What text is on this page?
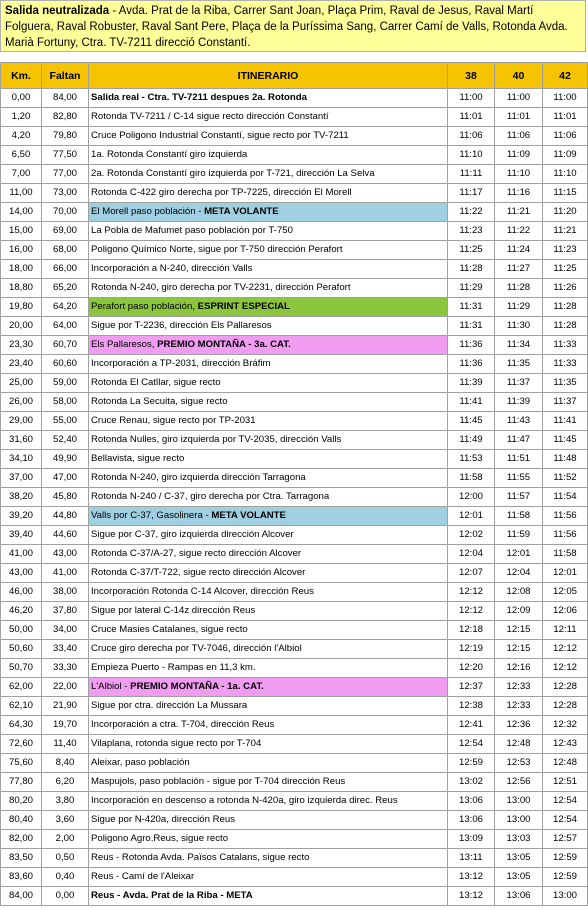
Salida neutralizada - Avda. Prat de la Riba, Carrer Sant Joan, Plaça Prim, Raval de Jesus, Raval Martí Folguera, Raval Robuster, Raval Sant Pere, Plaça de la Puríssima Sang, Carrer Camí de Valls, Rotonda Avda. Marià Fortuny, Ctra. TV-7211 direcció Constantí.
Km.	Faltan	ITINERARIO	38	40	42
0,00	84,00	Salida real - Ctra. TV-7211 despues 2a. Rotonda	11:00	11:00	11:00
1,20	82,80	Rotonda TV-7211 / C-14 sigue recto dirección Constantí	11:01	11:01	11:01
4,20	79,80	Cruce Poligono Industrial Constantí, sigue recto por TV-7211	11:06	11:06	11:06
6,50	77,50	1a. Rotonda Constantí giro izquierda	11:10	11:09	11:09
7,00	77,00	2a. Rotonda Constantí giro izquierda por T-721, dirección La Selva	11:11	11:10	11:10
11,00	73,00	Rotonda C-422 giro derecha por TP-7225, dirección El Morell	11:17	11:16	11:15
14,00	70,00	El Morell paso población - META VOLANTE	11:22	11:21	11:20
15,00	69,00	La Pobla de Mafumet paso población por T-750	11:23	11:22	11:21
16,00	68,00	Poligono Químico Norte, sigue por T-750 dirección Perafort	11:25	11:24	11:23
18,00	66,00	Incorporación a N-240, dirección Valls	11:28	11:27	11:25
18,80	65,20	Rotonda N-240, giro derecha por TV-2231, dirección Perafort	11:29	11:28	11:26
19,80	64,20	Perafort paso población, ESPRINT ESPECIAL	11:31	11:29	11:28
20,00	64,00	Sigue por T-2236, dirección Els Pallaresos	11:31	11:30	11:28
23,30	60,70	Els Pallaresos, PREMIO MONTAÑA - 3a. CAT.	11:36	11:34	11:33
23,40	60,60	Incorporación a TP-2031, dirección Bráfim	11:36	11:35	11:33
25,00	59,00	Rotonda El Catllar, sigue recto	11:39	11:37	11:35
26,00	58,00	Rotonda La Secuita, sigue recto	11:41	11:39	11:37
29,00	55,00	Cruce Renau, sigue recto por TP-2031	11:45	11:43	11:41
31,60	52,40	Rotonda Nulles, giro izquierda por TV-2035, dirección Valls	11:49	11:47	11:45
34,10	49,90	Bellavista, sigue recto	11:53	11:51	11:48
37,00	47,00	Rotonda N-240, giro izquierda dirección Tarragona	11:58	11:55	11:52
38,20	45,80	Rotonda N-240 / C-37, giro derecha por Ctra. Tarragona	12:00	11:57	11:54
39,20	44,80	Valls por C-37, Gasolinera - META VOLANTE	12:01	11:58	11:56
39,40	44,60	Sigue por C-37, giro izquierda dirección Alcover	12:02	11:59	11:56
41,00	43,00	Rotonda C-37/A-27, sigue recto dirección Alcover	12:04	12:01	11:58
43,00	41,00	Rotonda C-37/T-722, sigue recto dirección Alcover	12:07	12:04	12:01
46,00	38,00	Incorporación Rotonda C-14 Alcover, dirección Reus	12:12	12:08	12:05
46,20	37,80	Sigue por lateral C-14z dirección Reus	12:12	12:09	12:06
50,00	34,00	Cruce Masies Catalanes, sigue recto	12:18	12:15	12:11
50,60	33,40	Cruce giro derecha por TV-7046, dirección l'Albiol	12:19	12:15	12:12
50,70	33,30	Empieza Puerto - Rampas en 11,3 km.	12:20	12:16	12:12
62,00	22,00	L'Albiol - PREMIO MONTAÑA - 1a. CAT.	12:37	12:33	12:28
62,10	21,90	Sigue por ctra. dirección La Mussara	12:38	12:33	12:28
64,30	19,70	Incorporación a ctra. T-704, dirección Reus	12:41	12:36	12:32
72,60	11,40	Vilaplana, rotonda sigue recto por T-704	12:54	12:48	12:43
75,60	8,40	Aleixar, paso población	12:59	12:53	12:48
77,80	6,20	Maspujols, paso población - sigue por T-704 dirección Reus	13:02	12:56	12:51
80,20	3,80	Incorporación en descenso a rotonda N-420a, giro izquierda direc. Reus	13:06	13:00	12:54
80,40	3,60	Sigue por N-420a, dirección Reus	13:06	13:00	12:54
82,00	2,00	Poligono Agro.Reus, sigue recto	13:09	13:03	12:57
83,50	0,50	Reus - Rotonda Avda. Països Catalans, sigue recto	13:11	13:05	12:59
83,60	0,40	Reus - Camí de l'Aleixar	13:12	13:05	12:59
84,00	0,00	Reus - Avda. Prat de la Riba - META	13:12	13:06	13:00
